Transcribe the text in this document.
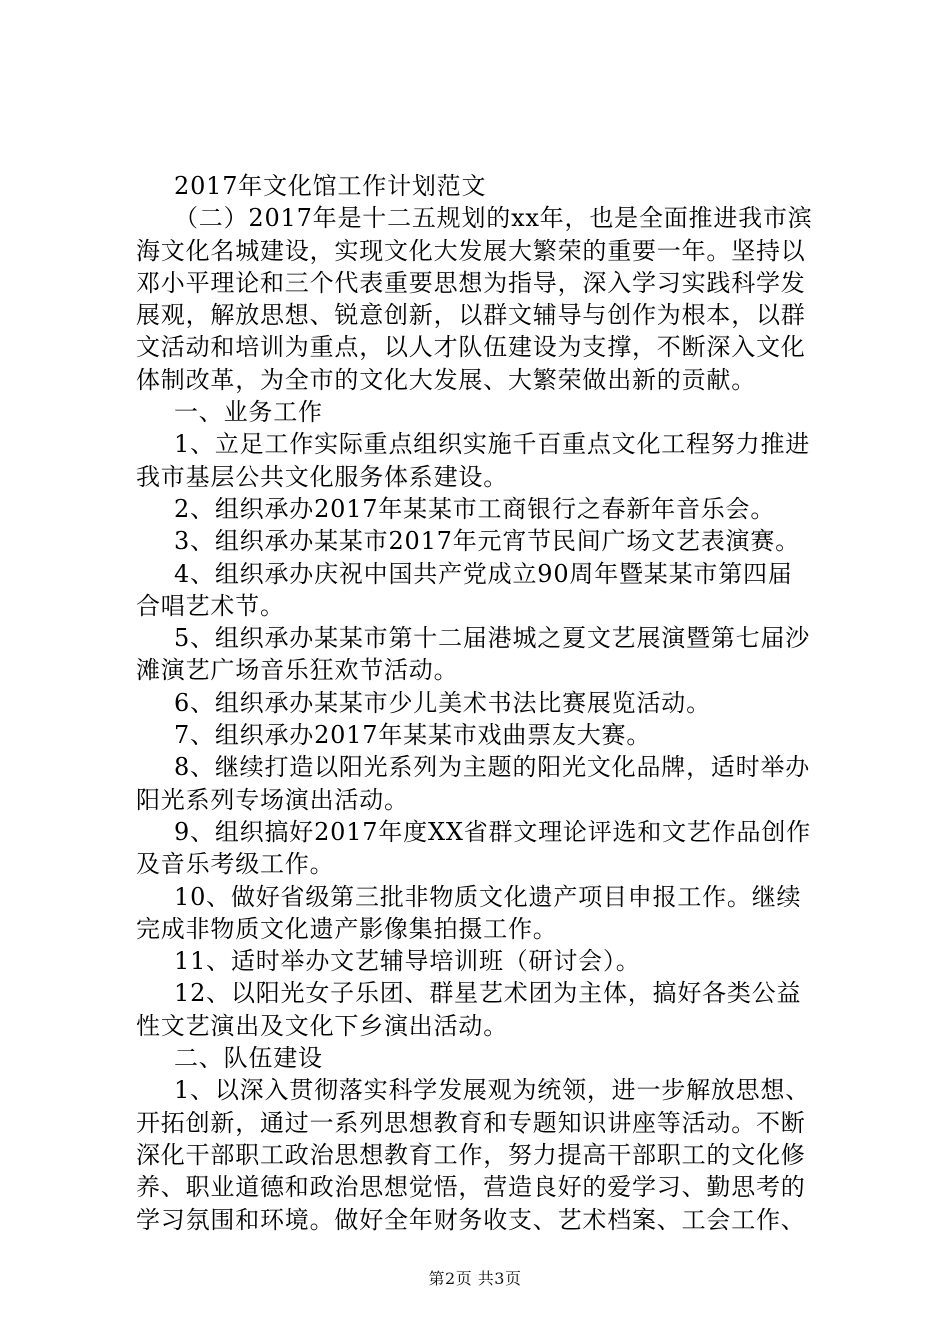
2017年文化馆工作计划范文
（二）2017年是十二五规划的xx年，也是全面推进我市滨
海文化名城建设，实现文化大发展大繁荣的重要一年。坚持以
邓小平理论和三个代表重要思想为指导，深入学习实践科学发
展观，解放思想、锐意创新，以群文辅导与创作为根本，以群
文活动和培训为重点，以人才队伍建设为支撑，不断深入文化
体制改革，为全市的文化大发展、大繁荣做出新的贡献。
一、业务工作
1、立足工作实际重点组织实施千百重点文化工程努力推进
我市基层公共文化服务体系建设。
2、组织承办2017年某某市工商银行之春新年音乐会。
3、组织承办某某市2017年元宵节民间广场文艺表演赛。
4、组织承办庆祝中国共产党成立90周年暨某某市第四届
合唱艺术节。
5、组织承办某某市第十二届港城之夏文艺展演暨第七届沙
滩演艺广场音乐狂欢节活动。
6、组织承办某某市少儿美术书法比赛展览活动。
7、组织承办2017年某某市戏曲票友大赛。
8、继续打造以阳光系列为主题的阳光文化品牌，适时举办
阳光系列专场演出活动。
9、组织搞好2017年度XX省群文理论评选和文艺作品创作
及音乐考级工作。
10、做好省级第三批非物质文化遗产项目申报工作。继续
完成非物质文化遗产影像集拍摄工作。
11、适时举办文艺辅导培训班（研讨会）。
12、以阳光女子乐团、群星艺术团为主体，搞好各类公益
性文艺演出及文化下乡演出活动。
二、队伍建设
1、以深入贯彻落实科学发展观为统领，进一步解放思想、
开拓创新，通过一系列思想教育和专题知识讲座等活动。不断
深化干部职工政治思想教育工作，努力提高干部职工的文化修
养、职业道德和政治思想觉悟，营造良好的爱学习、勤思考的
学习氛围和环境。做好全年财务收支、艺术档案、工会工作、
第2页 共3页
